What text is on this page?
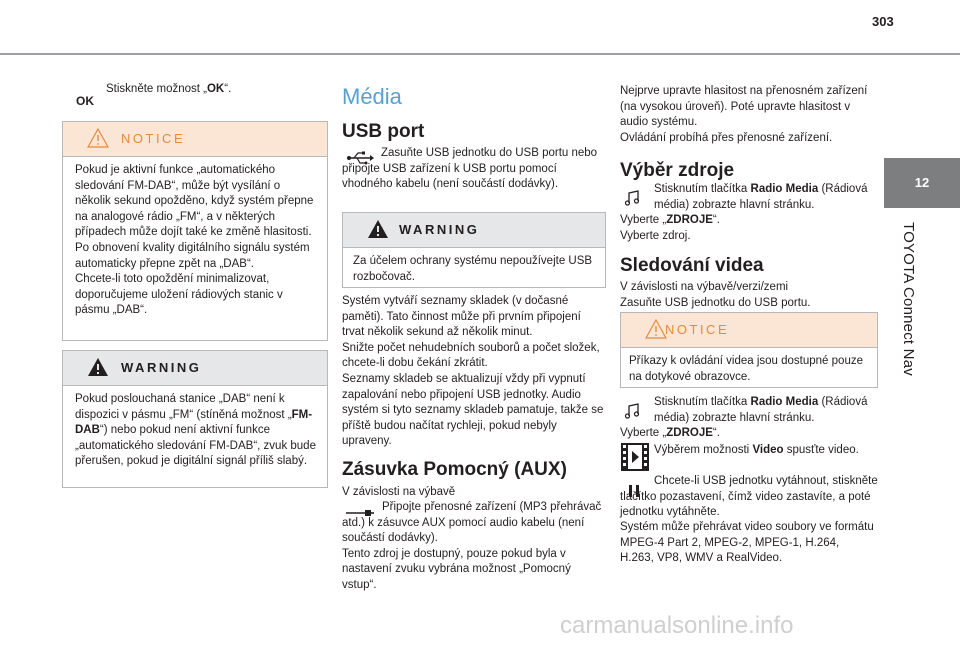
303
12
TOYOTA Connect Nav
OK
Stiskněte možnost „OK“.
NOTICE
Pokud je aktivní funkce „automatického sledování FM-DAB“, může být vysílání o několik sekund opožděno, když systém přepne na analogové rádio „FM“, a v některých případech může dojít také ke změně hlasitosti.
Po obnovení kvality digitálního signálu systém automaticky přepne zpět na „DAB“.
Chcete-li toto opoždění minimalizovat, doporučujeme uložení rádiových stanic v pásmu „DAB“.
WARNING
Pokud poslouchaná stanice „DAB“ není k dispozici v pásmu „FM“ (stíněná možnost „FM-DAB“) nebo pokud není aktivní funkce „automatického sledování FM-DAB“, zvuk bude přerušen, pokud je digitální signál příliš slabý.
Média
USB port
Zasuňte USB jednotku do USB portu nebo připojte USB zařízení k USB portu pomocí vhodného kabelu (není součástí dodávky).
WARNING
Za účelem ochrany systému nepoužívejte USB rozbočovač.
Systém vytváří seznamy skladek (v dočasné paměti). Tato činnost může při prvním připojení trvat několik sekund až několik minut.
Snižte počet nehudebních souborů a počet složek, chcete-li dobu čekání zkrátit.
Seznamy skladeb se aktualizují vždy při vypnutí zapalování nebo připojení USB jednotky. Audio systém si tyto seznamy skladeb pamatuje, takže se příště budou načítat rychleji, pokud nebyly upraveny.
Zásuvka Pomocný (AUX)
V závislosti na výbavě
Připojte přenosné zařízení (MP3 přehrávač atd.) k zásuvce AUX pomocí audio kabelu (není součástí dodávky).
Tento zdroj je dostupný, pouze pokud byla v nastavení zvuku vybrána možnost „Pomocný vstup“.
Nejprve upravte hlasitost na přenosném zařízení (na vysokou úroveň). Poté upravte hlasitost v audio systému.
Ovládání probíhá přes přenosné zařízení.
Výběr zdroje
Stisknutím tlačítka Radio Media (Rádiová média) zobrazte hlavní stránku.
Vyberte „ZDROJE“.
Vyberte zdroj.
Sledování videa
V závislosti na výbavě/verzi/zemi
Zasuňte USB jednotku do USB portu.
NOTICE
Příkazy k ovládání videa jsou dostupné pouze na dotykové obrazovce.
Stisknutím tlačítka Radio Media (Rádiová média) zobrazte hlavní stránku.
Vyberte „ZDROJE“.
Výběrem možnosti Video spusťte video.
Chcete-li USB jednotku vytáhnout, stiskněte tlačítko pozastavení, čímž video zastavíte, a poté jednotku vytáhněte.
Systém může přehrávat video soubory ve formátu MPEG-4 Part 2, MPEG-2, MPEG-1, H.264, H.263, VP8, WMV a RealVideo.
carmanualsonline.info
